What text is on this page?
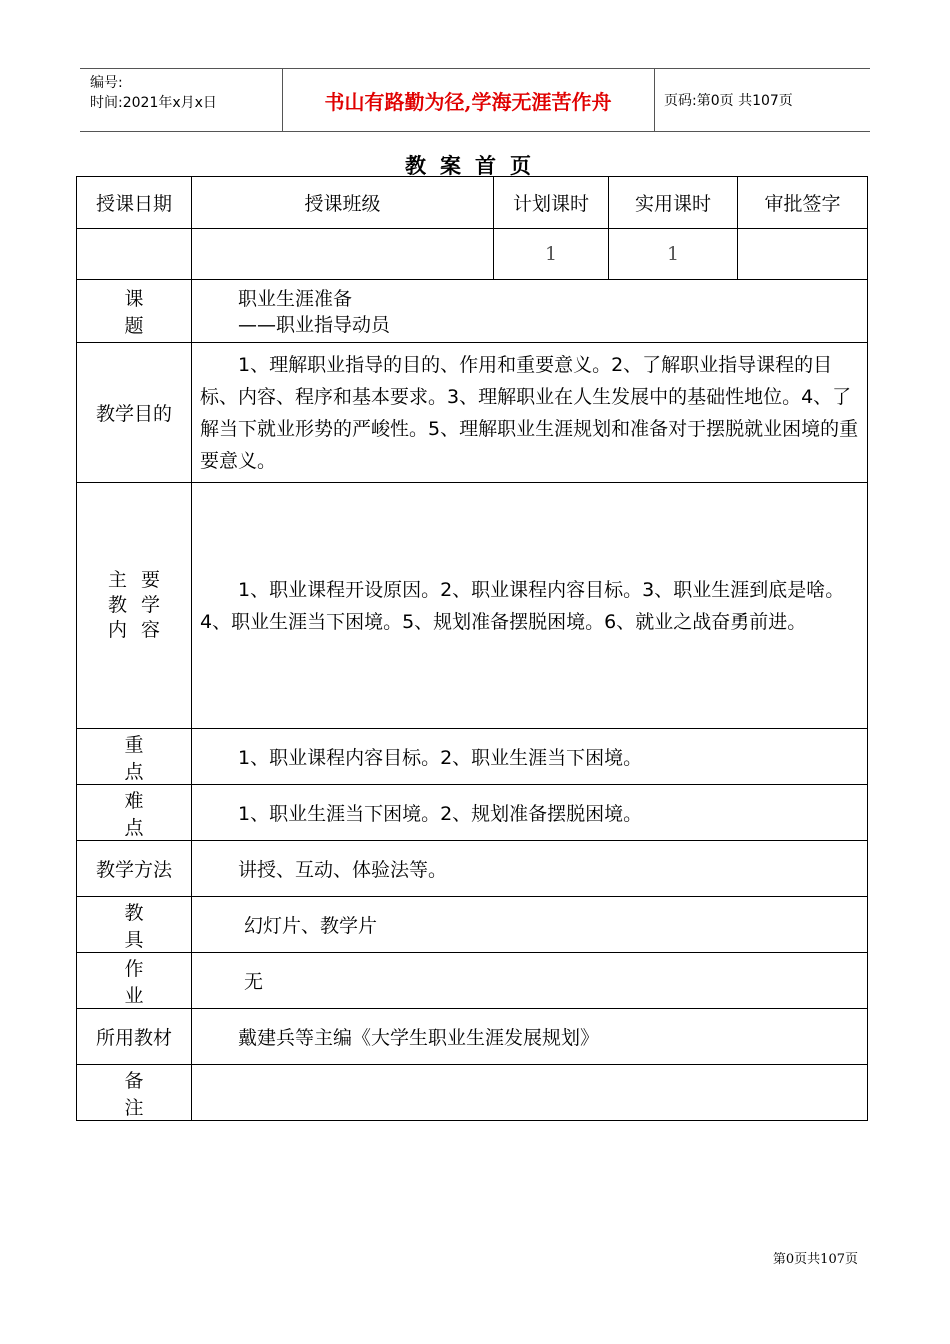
编号:
时间:2021年x月x日	书山有路勤为径,学海无涯苦作舟	页码:第0页 共107页
教案首页
授课日期	授课班级	计划课时	实用课时	审批签字
		1	1	
课 题	职业生涯准备
——职业指导动员			

教学目的	1、理解职业指导的目的、作用和重要意义。2、了解职业指导课程的目标、内容、程序和基本要求。3、理解职业在人生发展中的基础性地位。4、了解当下就业形势的严峻性。5、理解职业生涯规划和准备对于摆脱就业困境的重要意义。			

主要
教学
内容	1、职业课程开设原因。2、职业课程内容目标。3、职业生涯到底是啥。4、职业生涯当下困境。5、规划准备摆脱困境。6、就业之战奋勇前进。			
重 点	1、职业课程内容目标。2、职业生涯当下困境。			
难 点	1、职业生涯当下困境。2、规划准备摆脱困境。			
教学方法	讲授、互动、体验法等。			
教 具	幻灯片、教学片			
作 业	无			
所用教材	戴建兵等主编《大学生职业生涯发展规划》			
备 注				
第0页共107页
